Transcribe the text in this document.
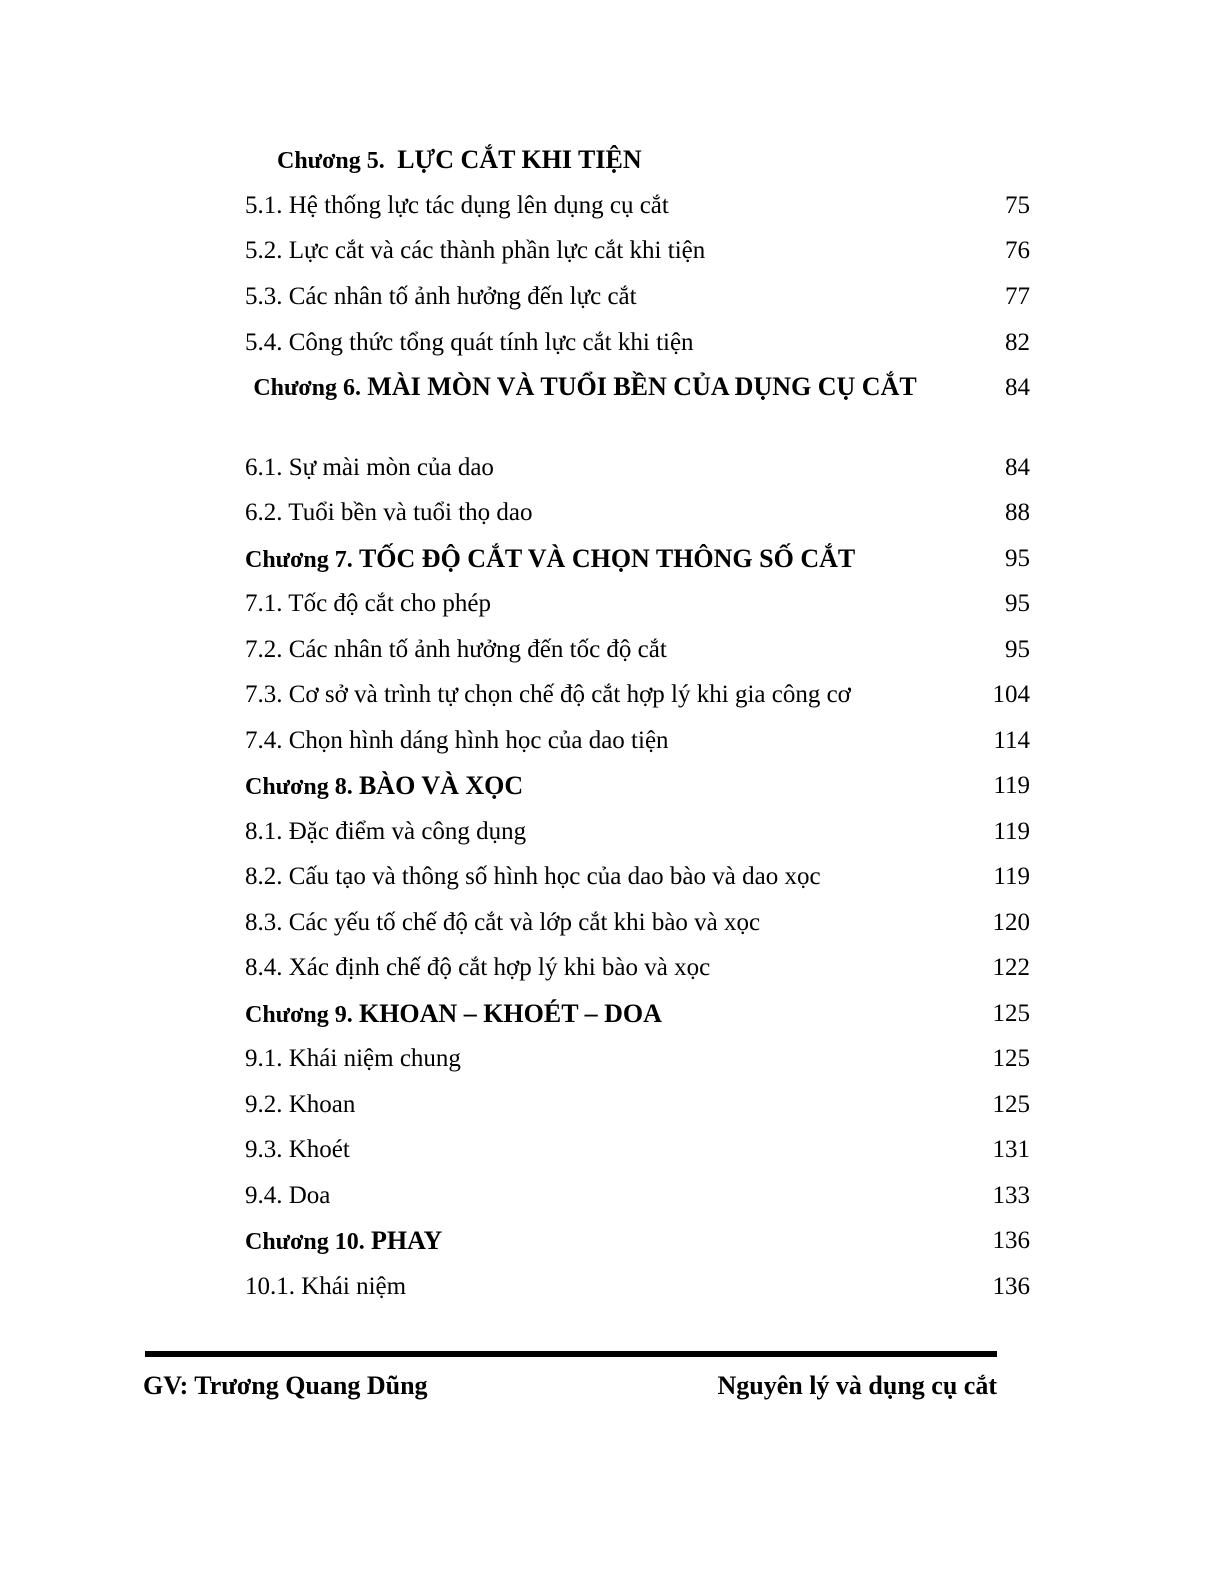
Chương 5. LỰC CẮT KHI TIỆN
5.1. Hệ thống lực tác dụng lên dụng cụ cắt	75
5.2. Lực cắt và các thành phần lực cắt khi tiện	76
5.3. Các nhân tố ảnh hưởng đến lực cắt	77
5.4. Công thức tổng quát tính lực cắt khi tiện	82
Chương 6. MÀI MÒN VÀ TUỔI BỀN CỦA DỤNG CỤ CẮT	84
6.1. Sự mài mòn của dao	84
6.2. Tuổi bền và tuổi thọ dao	88
Chương 7. TỐC ĐỘ CẮT VÀ CHỌN THÔNG SỐ CẮT	95
7.1. Tốc độ cắt cho phép	95
7.2. Các nhân tố ảnh hưởng đến tốc độ cắt	95
7.3. Cơ sở và trình tự chọn chế độ cắt hợp lý khi gia công cơ	104
7.4. Chọn hình dáng hình học của dao tiện	114
Chương 8. BÀO VÀ XỌC	119
8.1. Đặc điểm và công dụng	119
8.2. Cấu tạo và thông số hình học của dao bào và dao xọc	119
8.3. Các yếu tố chế độ cắt và lớp cắt khi bào và xọc	120
8.4. Xác định chế độ cắt hợp lý khi bào và xọc	122
Chương 9. KHOAN – KHOÉT – DOA	125
9.1. Khái niệm chung	125
9.2. Khoan	125
9.3. Khoét	131
9.4. Doa	133
Chương 10. PHAY	136
10.1. Khái niệm	136
GV: Trương Quang Dũng	Nguyên lý và dụng cụ cắt
